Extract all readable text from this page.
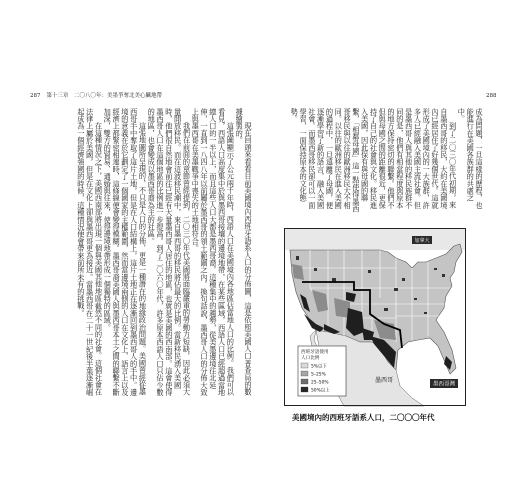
287 第十三章　二〇八〇年：美墨爭奪北美心臟地帶	288

現在回頭來看看目前美國境內西班牙語系人口的分佈圖，這是依照美國人口普查局的數據繪製的。

這張圖顯示了公元兩千年時，西語人口在美國境內各地區佔當地人口的比例。我們可以看見，西語人口高度集中於與墨西哥接壤的邊境地帶，在某些區域，西語人口已經超過當地總人口的一半以上，而且這些人口大都是墨西哥裔。這種集中的趨勢，從美墨邊境往北延伸，一直到一八四八年以前屬於墨西哥的領土範圍之內。換句話說，墨西哥人口的分佈大致上與墨西哥在美墨戰爭中喪失的土地相符合。

我們在前面的章節曾經提到，二〇三〇年代美國將面臨嚴重的勞動力短缺，因此必須大量開放移民。而在這波移民潮中，來自墨西哥的移民將佔最大的比例。當新移民湧入美國時，他們很自然地會前往已經有大量墨西哥人居住的地區，也就是美國的西南部。這會使得墨西哥人口在這個地區的比例進一步提高。到了二〇六〇年代，許多原本西語人口只佔少數的地區，也會變成以墨西哥裔為主的社區。

這張地圖所呈現的，不只是人口的分佈，更是一種潛在的地緣政治問題。美國曾經從墨西哥手中奪取了這片土地，但是在人口結構上，這片土地正在逐漸回到墨西哥人的手中。邊境的意義在於它劃定了一個國家的主權範圍，然而當邊境兩側的人口在文化上、語言上以及經濟上都緊密相連時，這條線便會變得模糊。墨西哥裔美國人與墨西哥本土之間的聯繫不斷加深，雙方的貿易、通婚與往來，使得邊境地帶形成一個獨特的區域。

在這種情況之下，美國西南部將出現一個與美國其他地區截然不同的社會。這個社會在法律上屬於美國，但是在文化上卻與墨西哥更為接近。當墨西哥在二十一世紀後半葉逐漸崛起成為一個經濟強國的時候，這種情況便會帶來前所未有的挑戰。	成為問題，一旦這樣的歷程，也能進行在美國各族群的共處之中。

到了二〇三〇年代初期，來自墨西哥的移民，大約在美國境內已經居住了好幾個世代。這就形成了美國境內的一大族群，許多人已經融入美國主流社會。但是墨西哥人與其他的移民族群不同的是，他們有相當程度與原本的地方保持密切的聯繫。他們不但與母國之間的距離很近，更保持了自己的社會與文化。移民進入美國，因此保有與母國的聯繫，「相鄰母國」這一點使得墨西哥移民與以往的歐洲移民大不相同。以往的歐洲移民在進入美國的過程中，一旦遠離了母國，便逐漸學習了新的語言，融入美國社會。而墨西哥移民卻可以一面學習，一面保持原本的文化態勢。

加拿大
墨西哥
墨西哥灣
西班牙語使用
人口比例
5%以下
5–25%
25–50%
50%以上
美國境內的西班牙語系人口，二〇〇〇年代
